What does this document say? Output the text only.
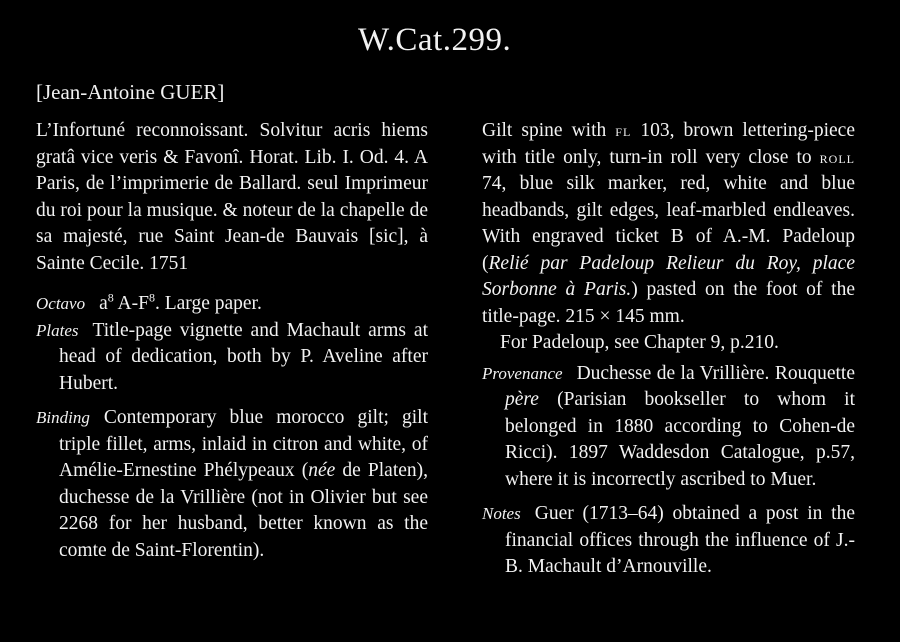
W.Cat.299.
[Jean-Antoine GUER]

L’Infortuné reconnoissant. Solvitur acris hiems gratâ vice veris & Favonî. Horat. Lib. I. Od. 4. A Paris, de l’imprimerie de Ballard. seul Imprimeur du roi pour la musique. & noteur de la chapelle de sa majesté, rue Saint Jean-de Bauvais [sic], à Sainte Cecile. 1751

Octavo $a^8$ $A-F^8$. Large paper.

Plates Title-page vignette and Machault arms at head of dedication, both by P. Aveline after Hubert.

Binding Contemporary blue morocco gilt; gilt triple fillet, arms, inlaid in citron and white, of Amélie-Ernestine Phélypeaux (née de Platen), duchesse de la Vrillière (not in Olivier but see 2268 for her husband, better known as the comte de Saint-Florentin).

Gilt spine with fl 103, brown lettering-piece with title only, turn-in roll very close to roll 74, blue silk marker, red, white and blue headbands, gilt edges, leaf-marbled endleaves. With engraved ticket B of A.-M. Padeloup (Relié par Padeloup Relieur du Roy, place Sorbonne à Paris.) pasted on the foot of the title-page. 215 × 145 mm.

For Padeloup, see Chapter 9, p.210.

Provenance Duchesse de la Vrillière. Rouquette père (Parisian bookseller to whom it belonged in 1880 according to Cohen-de Ricci). 1897 Waddesdon Catalogue, p.57, where it is incorrectly ascribed to Muer.

Notes Guer (1713–64) obtained a post in the financial offices through the influence of J.-B. Machault d’Arnouville.
